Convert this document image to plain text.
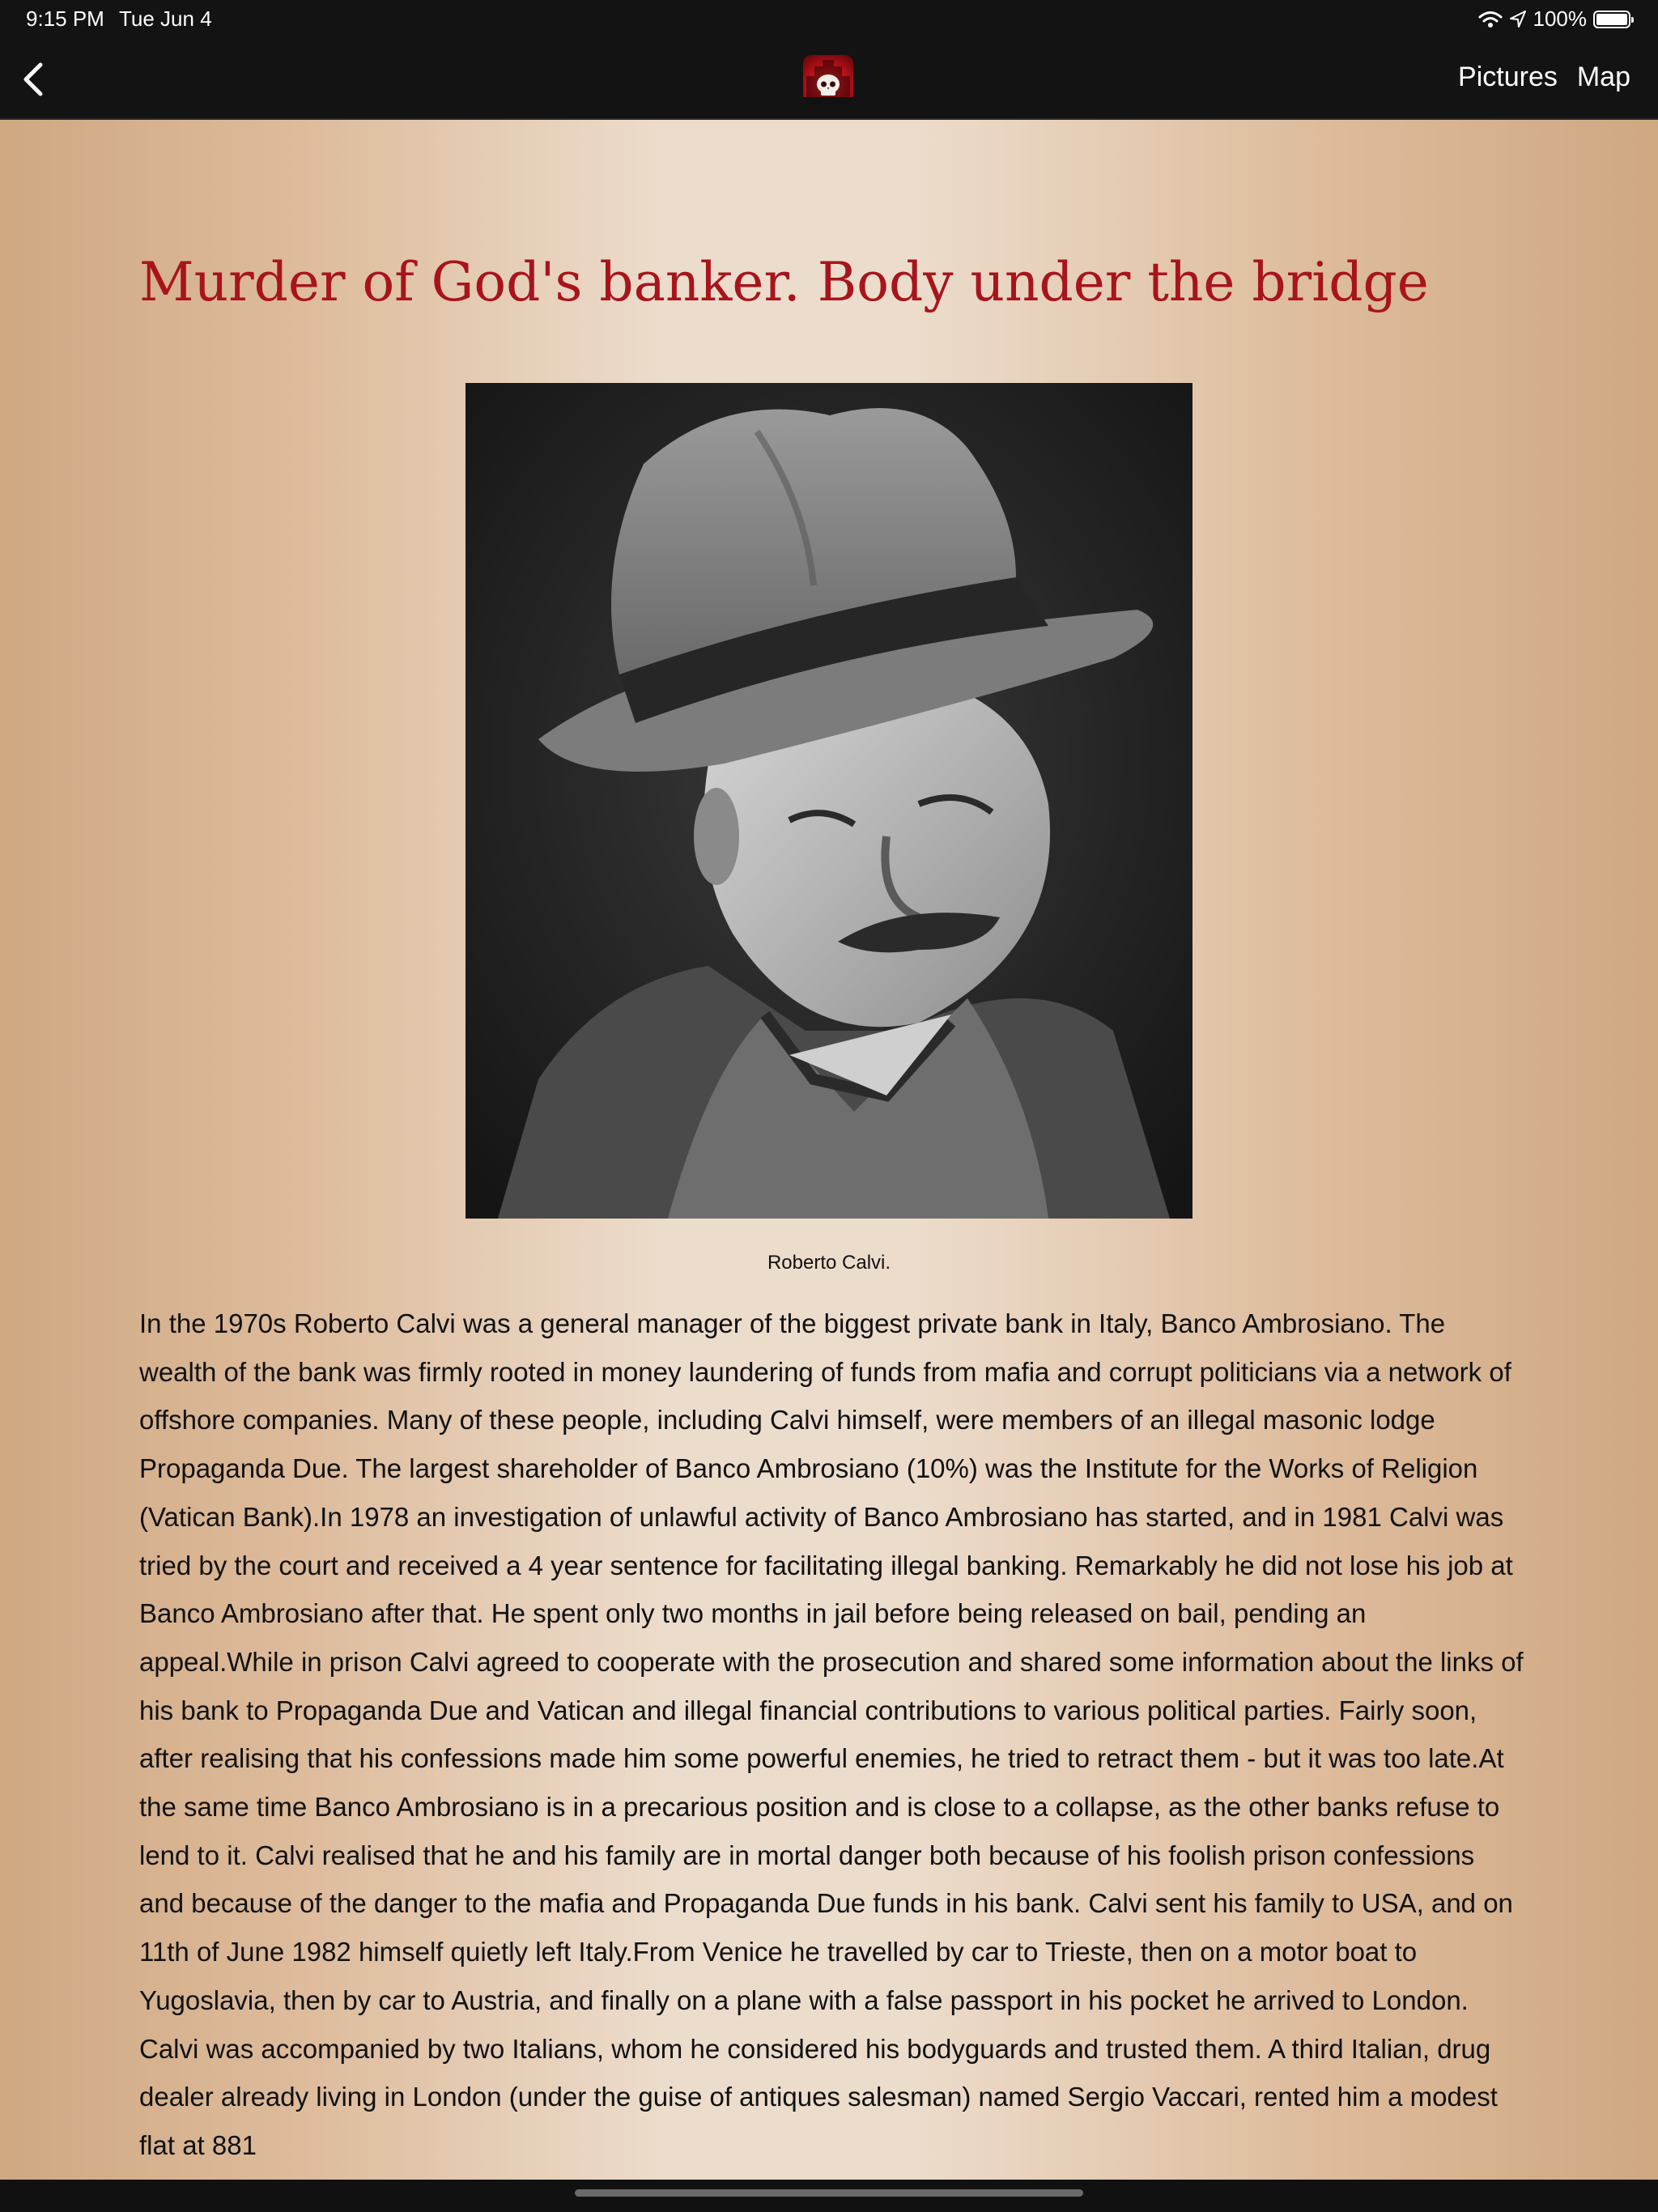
9:15 PM Tue Jun 4	100%
Pictures Map
Murder of God's banker. Body under the bridge
Roberto Calvi.

In the 1970s Roberto Calvi was a general manager of the biggest private bank in Italy, Banco Ambrosiano. The wealth of the bank was firmly rooted in money laundering of funds from mafia and corrupt politicians via a network of offshore companies. Many of these people, including Calvi himself, were members of an illegal masonic lodge Propaganda Due. The largest shareholder of Banco Ambrosiano (10%) was the Institute for the Works of Religion (Vatican Bank).In 1978 an investigation of unlawful activity of Banco Ambrosiano has started, and in 1981 Calvi was tried by the court and received a 4 year sentence for facilitating illegal banking. Remarkably he did not lose his job at Banco Ambrosiano after that. He spent only two months in jail before being released on bail, pending an appeal.While in prison Calvi agreed to cooperate with the prosecution and shared some information about the links of his bank to Propaganda Due and Vatican and illegal financial contributions to various political parties. Fairly soon, after realising that his confessions made him some powerful enemies, he tried to retract them - but it was too late.At the same time Banco Ambrosiano is in a precarious position and is close to a collapse, as the other banks refuse to lend to it. Calvi realised that he and his family are in mortal danger both because of his foolish prison confessions and because of the danger to the mafia and Propaganda Due funds in his bank. Calvi sent his family to USA, and on 11th of June 1982 himself quietly left Italy.From Venice he travelled by car to Trieste, then on a motor boat to Yugoslavia, then by car to Austria, and finally on a plane with a false passport in his pocket he arrived to London. Calvi was accompanied by two Italians, whom he considered his bodyguards and trusted them. A third Italian, drug dealer already living in London (under the guise of antiques salesman) named Sergio Vaccari, rented him a modest flat at 881
